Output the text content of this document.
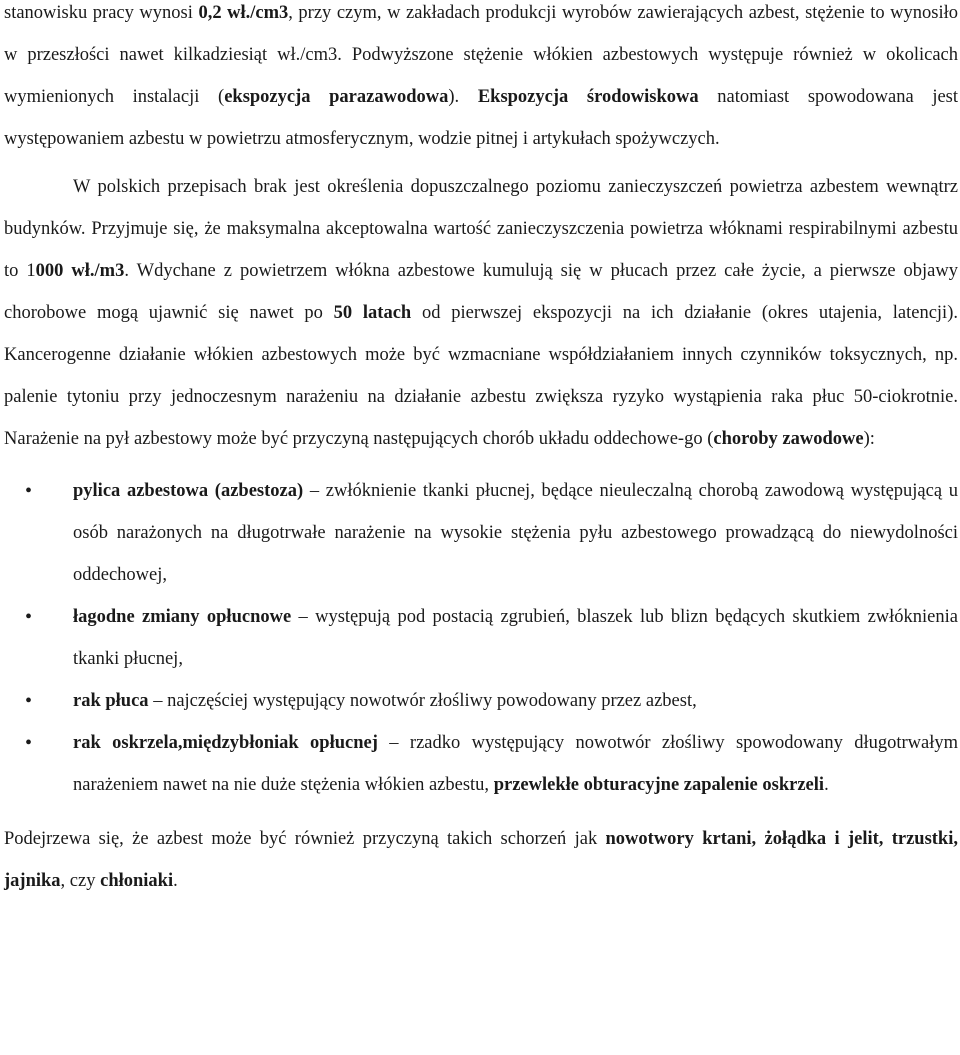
stanowisku pracy wynosi 0,2 wł./cm3, przy czym, w zakładach produkcji wyrobów zawierających azbest, stężenie to wynosiło w przeszłości nawet kilkadziesiąt wł./cm3. Podwyższone stężenie włókien azbestowych występuje również w okolicach wymienionych instalacji (ekspozycja parazawodowa). Ekspozycja środowiskowa natomiast spowodowana jest występowaniem azbestu w powietrzu atmosferycznym, wodzie pitnej i artykułach spożywczych.

W polskich przepisach brak jest określenia dopuszczalnego poziomu zanieczyszczeń powietrza azbestem wewnątrz budynków. Przyjmuje się, że maksymalna akceptowalna wartość zanieczyszczenia powietrza włóknami respirabilnymi azbestu to 1000 wł./m3. Wdychane z powietrzem włókna azbestowe kumulują się w płucach przez całe życie, a pierwsze objawy chorobowe mogą ujawnić się nawet po 50 latach od pierwszej ekspozycji na ich działanie (okres utajenia, latencji). Kancerogenne działanie włókien azbestowych może być wzmacniane współdziałaniem innych czynników toksycznych, np. palenie tytoniu przy jednoczesnym narażeniu na działanie azbestu zwiększa ryzyko wystąpienia raka płuc 50-ciokrotnie. Narażenie na pył azbestowy może być przyczyną następujących chorób układu oddechowe-go (choroby zawodowe):

• pylica azbestowa (azbestoza) – zwłóknienie tkanki płucnej, będące nieuleczalną chorobą zawodową występującą u osób narażonych na długotrwałe narażenie na wysokie stężenia pyłu azbestowego prowadzącą do niewydolności oddechowej,
• łagodne zmiany opłucnowe – występują pod postacią zgrubień, blaszek lub blizn będących skutkiem zwłóknienia tkanki płucnej,
• rak płuca – najczęściej występujący nowotwór złośliwy powodowany przez azbest,
• rak oskrzela,międzybłoniak opłucnej – rzadko występujący nowotwór złośliwy spowodowany długotrwałym narażeniem nawet na nie duże stężenia włókien azbestu, przewlekłe obturacyjne zapalenie oskrzeli.

Podejrzewa się, że azbest może być również przyczyną takich schorzeń jak nowotwory krtani, żołądka i jelit, trzustki, jajnika, czy chłoniaki.
